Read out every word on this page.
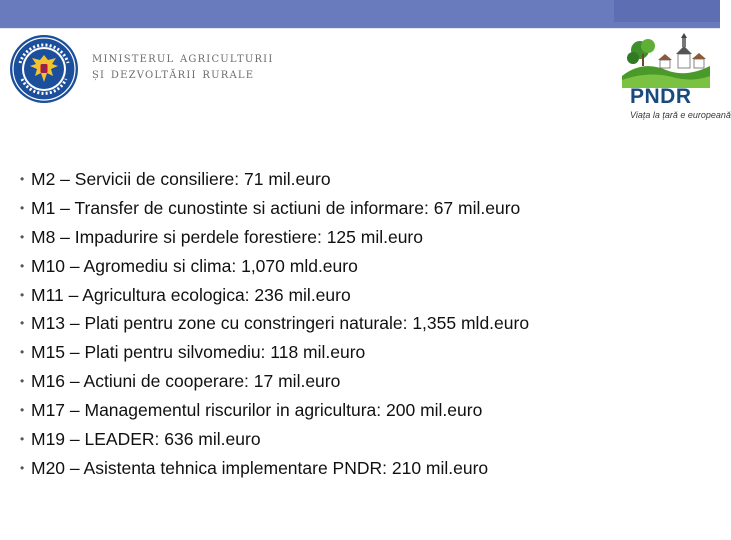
ministerul agriculturii
și dezvoltării rurale
PNDR
Viața la țară e europeană
• M2 – Servicii de consiliere: 71 mil.euro
• M1 – Transfer de cunostinte si actiuni de informare: 67 mil.euro
• M8 – Impadurire si perdele forestiere: 125 mil.euro
• M10 – Agromediu si clima: 1,070 mld.euro
• M11 – Agricultura ecologica: 236 mil.euro
• M13 – Plati pentru zone cu constringeri naturale: 1,355 mld.euro
• M15 – Plati pentru silvomediu: 118 mil.euro
• M16 – Actiuni de cooperare: 17 mil.euro
• M17 – Managementul riscurilor in agricultura: 200 mil.euro
• M19 – LEADER: 636 mil.euro
• M20 – Asistenta tehnica implementare PNDR: 210 mil.euro
